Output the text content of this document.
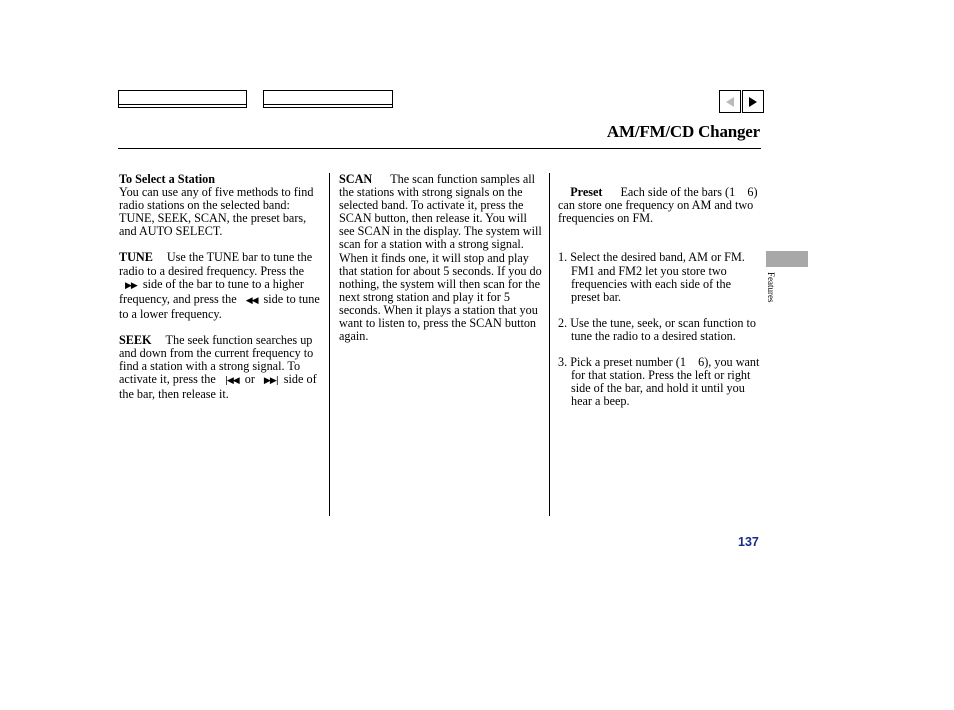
AM/FM/CD Changer

To Select a Station

You can use any of five methods to find radio stations on the selected band: TUNE, SEEK, SCAN, the preset bars, and AUTO SELECT.

TUNE Use the TUNE bar to tune the radio to a desired frequency. Press the ▶▶ side of the bar to tune to a higher frequency, and press the ◀◀ side to tune to a lower frequency.

SEEK The seek function searches up and down from the current frequency to find a station with a strong signal. To activate it, press the |◀◀ or ▶▶| side of the bar, then release it.

SCAN The scan function samples all the stations with strong signals on the selected band. To activate it, press the SCAN button, then release it. You will see SCAN in the display. The system will scan for a station with a strong signal. When it finds one, it will stop and play that station for about 5 seconds. If you do nothing, the system will then scan for the next strong station and play it for 5 seconds. When it plays a station that you want to listen to, press the SCAN button again.

Preset Each side of the bars (1    6) can store one frequency on AM and two frequencies on FM.

1. Select the desired band, AM or FM. FM1 and FM2 let you store two frequencies with each side of the preset bar.

2. Use the tune, seek, or scan function to tune the radio to a desired station.

3. Pick a preset number (1    6), you want for that station. Press the left or right side of the bar, and hold it until you hear a beep.

Features
137
